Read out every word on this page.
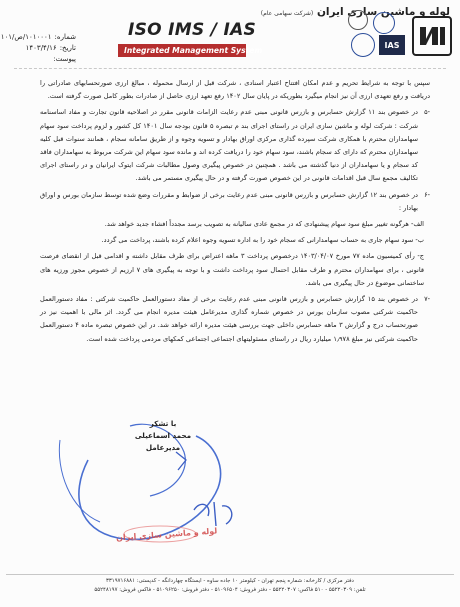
لوله و ماشین سازی ایران (شرکت سهامی عام)
IAS
ISO IMS / IAS
Integrated Management System
شماره:۱۰۱۰۰۰۱/ص/۱۰۱
تاریخ:۱۴۰۳/۴/۱۶
پیوست:

سپس با توجه به شرایط تحریم و عدم امکان افتتاح اعتبار اسنادی ، شرکت قبل از ارسال محموله ، مبالغ ارزی صورتحسابهای صادراتی را دریافت و رفع تعهدی ارزی آن نیز انجام میگیرد بطوریکه در پایان سال ۱۴۰۲ رفع تعهد ارزی حاصل از صادرات بطور کامل صورت گرفته است.

-۵در خصوص بند ۱۱ گزارش حسابرس و بازرس قانونی مبنی عدم رعایت الزامات قانونی مقرر در اصلاحیه قانون تجارت و مفاد اساسنامه شرکت : شرکت لوله و ماشین سازی ایران در راستای اجرای بند م تبصره ۵ قانون بودجه سال ۱۴۰۱ کل کشور و لزوم پرداخت سود سهام سهامداران محترم با همکاری شرکت سپرده گذاری مرکزی اوراق بهادار و تسویه وجوه و از طریق سامانه سجام ، همانند سنوات قبل کلیه سهامداران محترم که دارای کد سجام باشند، سود سهام خود را دریافت کرده اند و مانده سود سهام این شرکت مربوط به سهامداران فاقد کد سجام و یا سهامداران از دنیا گذشته می باشد . همچنین در خصوص پیگیری وصول مطالبات شرکت ایتوک ایرانیان و در راستای اجرای تکالیف مجمع سال قبل اقدامات قانونی در این خصوص صورت گرفته و در حال پیگیری مستمر می باشد.

-۶در خصوص بند ۱۲ گزارش حسابرس و بازرس قانونی مبنی عدم رعایت برخی از ضوابط و مقررات وضع شده توسط سازمان بورس و اوراق بهادار :

الف- هرگونه تغییر مبلغ سود سهام پیشنهادی که در مجمع عادی سالیانه به تصویب برسد مجدداً افشاء جدید خواهد شد.

ب- سود سهام جاری به حساب سهامدارانی که سجام خود را به اداره تسویه وجوه اعلام کرده باشند، پرداخت می گردد.

ج- رأی کمیسیون ماده ۷۷ مورخ ۱۴۰۳/۰۴/۰۷ درخصوص پرداخت ۳ ماهه اعتراض برای طرف مقابل داشته و اقدامی قبل از انقضای فرصت قانونی ، برای سهامداران محترم و طرف مقابل احتمال سود پرداخت داشت و با توجه به پیگیری های ۷ ارزیم از خصوص مجوز ورزیه های ساختمانی موضوع در حال پیگیری می باشد.

-۷در خصوص بند ۱۵ گزارش حسابرس و بازرس قانونی مبنی عدم رعایت برخی از مفاد دستورالعمل حاکمیت شرکتی : مفاد دستورالعمل حاکمیت شرکتی مصوب سازمان بورس در خصوص شماره گذاری مدیرعامل هیئت مدیره انجام می گردد. اثر مالی با اهمیت نیز در صورتحساب درج و گزارش ۳ ماهه حسابرس داخلی جهت بررسی هیئت مدیره ارائه خواهد شد. در این خصوص تبصره ماده ۴ دستورالعمل حاکمیت شرکتی نیز مبلغ ۱٫۹۷۸ میلیارد ریال در راستای مسئولیتهای اجتماعی اجتماعی کمکهای مردمی پرداخت شده است.

با تشکر
محمد اسماعیلی
مدیرعامل
لوله و ماشین سازی ایران
دفتر مرکزی / کارخانه: شماره پنجم تهران - کیلومتر ۱۰ جاده ساوه - ایستگاه چهاردانگه - کدپستی: ۳۳۱۹۷۱۶۸۸۱
تلفن: ۵۵۲۲۰۳۰۹ - ۵۱۰ فاکس: ۵۵۲۲۰۳۰۷ - دفتر فروش: ۵۱۰۹۶۵۰۴ - دفتر فروش: ۵۱۰۹۶۲۵۰ - فاکس فروش: ۵۵۲۴۸۱۹۷
